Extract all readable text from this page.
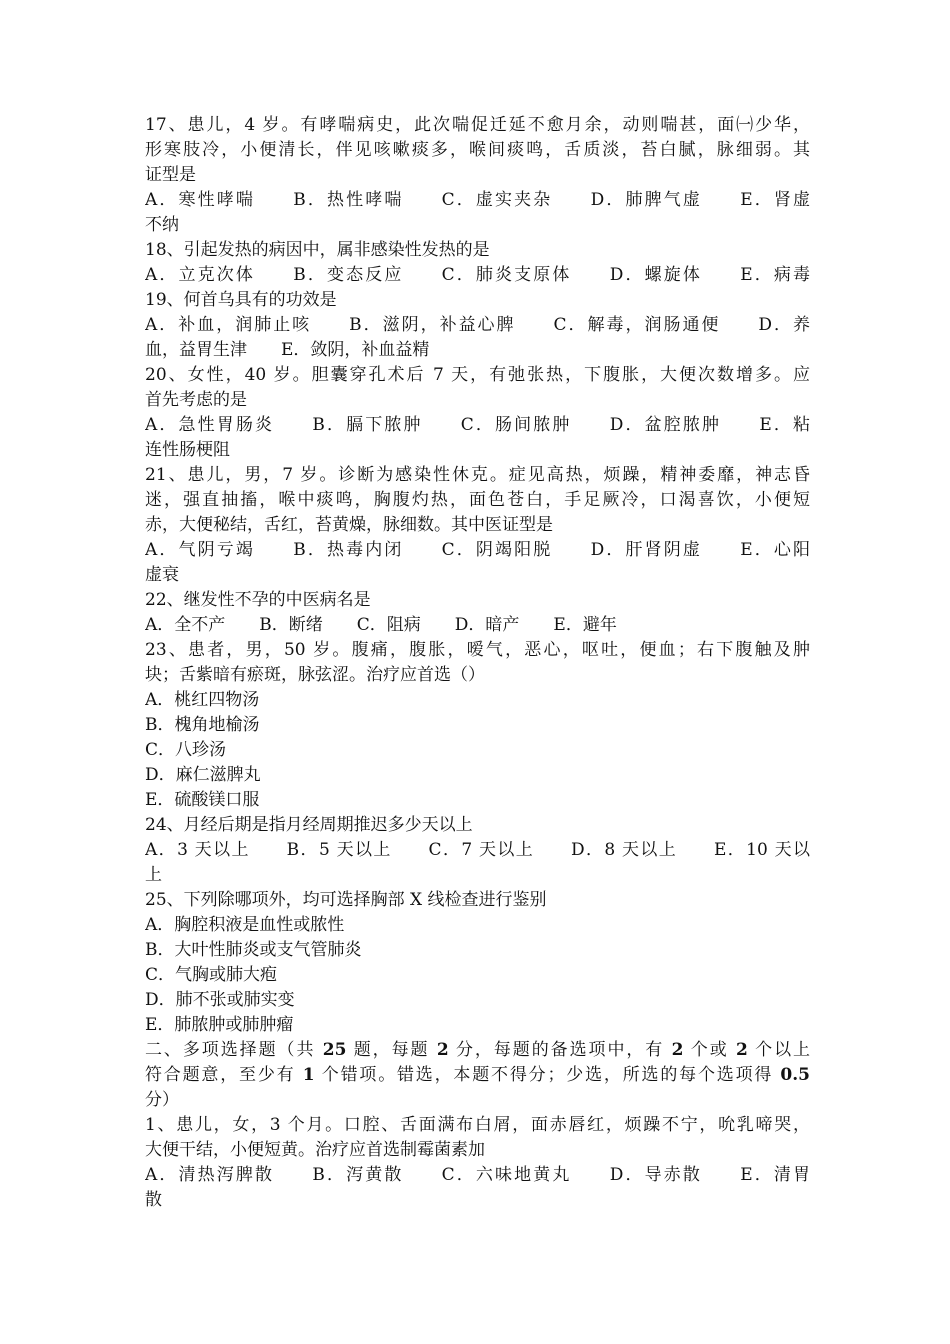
17、患儿，4 岁。有哮喘病史，此次喘促迁延不愈月余，动则喘甚，面㈠少华，
形寒肢冷，小便清长，伴见咳嗽痰多，喉间痰鸣，舌质淡，苔白腻，脉细弱。其
证型是
A．寒性哮喘　　B．热性哮喘　　C．虚实夹杂　　D．肺脾气虚　　E．肾虚
不纳
18、引起发热的病因中，属非感染性发热的是
A．立克次体　　B．变态反应　　C．肺炎支原体　　D．螺旋体　　E．病毒
19、何首乌具有的功效是
A．补血，润肺止咳　　B．滋阴，补益心脾　　C．解毒，润肠通便　　D．养
血，益胃生津　　E．敛阴，补血益精
20、女性，40 岁。胆囊穿孔术后 7 天，有弛张热，下腹胀，大便次数增多。应
首先考虑的是
A．急性胃肠炎　　B．膈下脓肿　　C．肠间脓肿　　D．盆腔脓肿　　E．粘
连性肠梗阻
21、患儿，男，7 岁。诊断为感染性休克。症见高热，烦躁，精神委靡，神志昏
迷，强直抽搐，喉中痰鸣，胸腹灼热，面色苍白，手足厥冷，口渴喜饮，小便短
赤，大便秘结，舌红，苔黄燥，脉细数。其中医证型是
A．气阴亏竭　　B．热毒内闭　　C．阴竭阳脱　　D．肝肾阴虚　　E．心阳
虚衰
22、继发性不孕的中医病名是
A．全不产　　B．断绪　　C．阻病　　D．暗产　　E．避年
23、患者，男，50 岁。腹痛，腹胀，嗳气，恶心，呕吐，便血；右下腹触及肿
块；舌紫暗有瘀斑，脉弦涩。治疗应首选（）
A．桃红四物汤
B．槐角地榆汤
C．八珍汤
D．麻仁滋脾丸
E．硫酸镁口服
24、月经后期是指月经周期推迟多少天以上
A．3 天以上　　B．5 天以上　　C．7 天以上　　D．8 天以上　　E．10 天以
上
25、下列除哪项外，均可选择胸部 X 线检查进行鉴别
A．胸腔积液是血性或脓性
B．大叶性肺炎或支气管肺炎
C．气胸或肺大疱
D．肺不张或肺实变
E．肺脓肿或肺肿瘤
二、多项选择题（共 25 题，每题 2 分，每题的备选项中，有 2 个或 2 个以上
符合题意，至少有 1 个错项。错选，本题不得分；少选，所选的每个选项得 0.5
分）
1、患儿，女，3 个月。口腔、舌面满布白屑，面赤唇红，烦躁不宁，吮乳啼哭，
大便干结，小便短黄。治疗应首选制霉菌素加
A．清热泻脾散　　B．泻黄散　　C．六味地黄丸　　D．导赤散　　E．清胃
散
